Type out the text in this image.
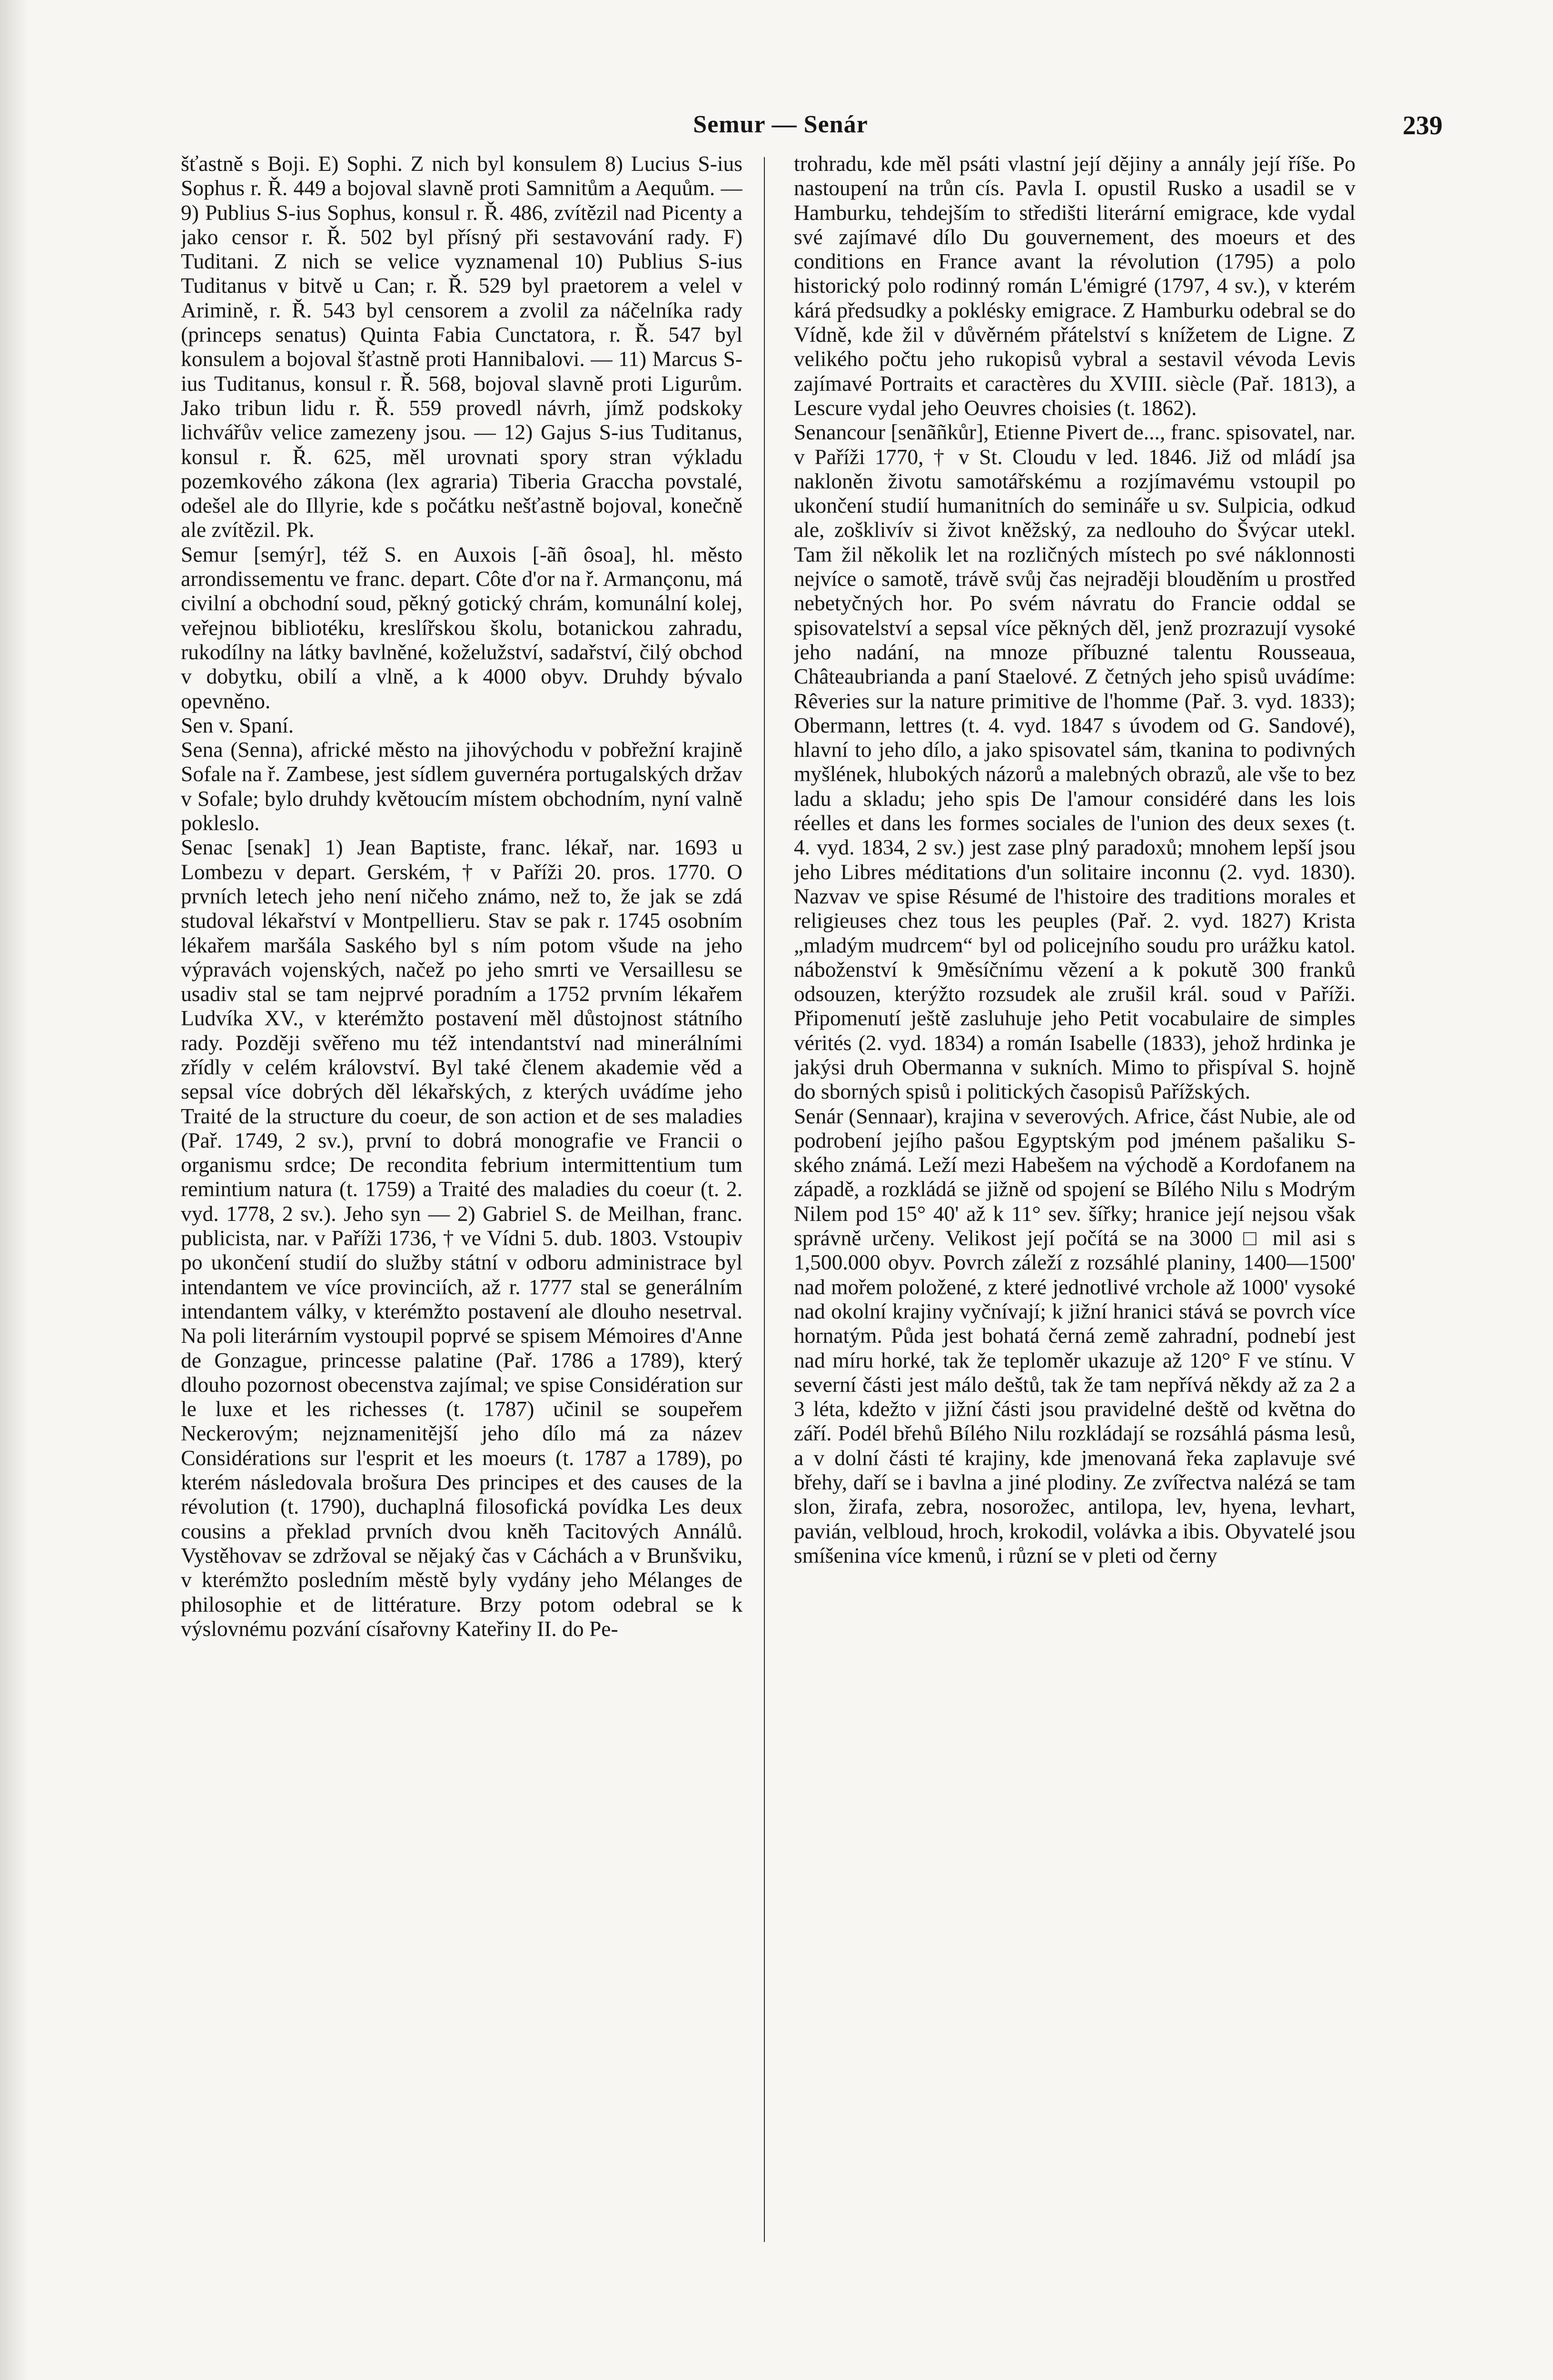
Semur — Senár	239
šťastně s Boji. E) Sophi. Z nich byl konsulem 8) Lucius S-ius Sophus r. Ř. 449 a bojoval slavně proti Samnitům a Aequům. — 9) Publius S-ius Sophus, konsul r. Ř. 486, zvítězil nad Picenty a jako censor r. Ř. 502 byl přísný při sestavování rady. F) Tuditani. Z nich se velice vyznamenal 10) Publius S-ius Tuditanus v bitvě u Can; r. Ř. 529 byl praetorem a velel v Arimině, r. Ř. 543 byl censorem a zvolil za náčelníka rady (princeps senatus) Quinta Fabia Cunctatora, r. Ř. 547 byl konsulem a bojoval šťastně proti Hannibalovi. — 11) Marcus S-ius Tuditanus, konsul r. Ř. 568, bojoval slavně proti Ligurům. Jako tribun lidu r. Ř. 559 provedl návrh, jímž podskoky lichvářův velice zamezeny jsou. — 12) Gajus S-ius Tuditanus, konsul r. Ř. 625, měl urovnati spory stran výkladu pozemkového zákona (lex agraria) Tiberia Gracchа povstalé, odešel ale do Illyrie, kde s počátku nešťastně bojoval, konečně ale zvítězil. Pk.
Semur [semýr], též S. en Auxois [-ãñ ôsoa], hl. město arrondissementu ve franc. depart. Côte d'or na ř. Armançonu, má civilní a obchodní soud, pěkný gotický chrám, komunální kolej, veřejnou bibliotéku, kreslířskou školu, botanickou zahradu, rukodílny na látky bavlněné, koželužství, sadařství, čilý obchod v dobytku, obilí a vlně, a k 4000 obyv. Druhdy bývalo opevněno.
Sen v. Spaní.
Sena (Senna), africké město na jihovýchodu v pobřežní krajině Sofale na ř. Zambese, jest sídlem guvernéra portugalských držav v Sofale; bylo druhdy květoucím místem obchodním, nyní valně pokleslo.
Senac [senak] 1) Jean Baptiste, franc. lékař, nar. 1693 u Lombezu v depart. Gerském, † v Paříži 20. pros. 1770. O prvních letech jeho není ničeho známo, než to, že jak se zdá studoval lékařství v Montpellieru. Stav se pak r. 1745 osobním lékařem maršála Saského byl s ním potom všude na jeho výpravách vojenských, načež po jeho smrti ve Versaillesu se usadiv stal se tam nejprvé poradním a 1752 prvním lékařem Ludvíka XV., v kterémžto postavení měl důstojnost státního rady. Později svěřeno mu též intendantství nad minerálními zřídly v celém království. Byl také členem akademie věd a sepsal více dobrých děl lékařských, z kterých uvádíme jeho Traité de la structure du coeur, de son action et de ses maladies (Pař. 1749, 2 sv.), první to dobrá monografie ve Francii o organismu srdce; De recondita febrium intermittentium tum remintium natura (t. 1759) a Traité des maladies du coeur (t. 2. vyd. 1778, 2 sv.). Jeho syn — 2) Gabriel S. de Meilhan, franc. publicista, nar. v Paříži 1736, † ve Vídni 5. dub. 1803. Vstoupiv po ukončení studií do služby státní v odboru administrace byl intendantem ve více provinciích, až r. 1777 stal se generálním intendantem války, v kterémžto postavení ale dlouho nesetrval. Na poli literárním vystoupil poprvé se spisem Mémoires d'Anne de Gonzague, princesse palatine (Pař. 1786 a 1789), který dlouho pozornost obecenstva zajímal; ve spise Considération sur le luxe et les richesses (t. 1787) učinil se soupeřem Neckerovým; nejznamenitější jeho dílo má za název Considérations sur l'esprit et les moeurs (t. 1787 a 1789), po kterém následovala brošura Des principes et des causes de la révolution (t. 1790), duchaplná filosofická povídka Les deux cousins a překlad prvních dvou kněh Tacitových Annálů. Vystěhovav se zdržoval se nějaký čas v Cáchách a v Brunšviku, v kterémžto posledním městě byly vydány jeho Mélanges de philosophie et de littérature. Brzy potom odebral se k výslovnému pozvání císařovny Kateřiny II. do Pe-
trohradu, kde měl psáti vlastní její dějiny a annály její říše. Po nastoupení na trůn cís. Pavla I. opustil Rusko a usadil se v Hamburku, tehdejším to středišti literární emigrace, kde vydal své zajímavé dílo Du gouvernement, des moeurs et des conditions en France avant la révolution (1795) a polo historický polo rodinný román L'émigré (1797, 4 sv.), v kterém kárá předsudky a poklésky emigrace. Z Hamburku odebral se do Vídně, kde žil v důvěrném přátelství s knížetem de Ligne. Z velikého počtu jeho rukopisů vybral a sestavil vévoda Levis zajímavé Portraits et caractères du XVIII. siècle (Pař. 1813), a Lescure vydal jeho Oeuvres choisies (t. 1862).
Senancour [senãñkůr], Etienne Pivert de..., franc. spisovatel, nar. v Paříži 1770, † v St. Cloudu v led. 1846. Již od mládí jsa nakloněn životu samotářskému a rozjímavému vstoupil po ukončení studií humanitních do semináře u sv. Sulpicia, odkud ale, zošklivív si život kněžský, za nedlouho do Švýcar utekl. Tam žil několik let na rozličných místech po své náklonnosti nejvíce o samotě, trávě svůj čas nejraději blouděním u prostřed nebetyčných hor. Po svém návratu do Francie oddal se spisovatelství a sepsal více pěkných děl, jenž prozrazují vysoké jeho nadání, na mnoze příbuzné talentu Rousseaua, Châteaubrianda a paní Staelové. Z četných jeho spisů uvádíme: Rêveries sur la nature primitive de l'homme (Pař. 3. vyd. 1833); Obermann, lettres (t. 4. vyd. 1847 s úvodem od G. Sandové), hlavní to jeho dílo, a jako spisovatel sám, tkanina to podivných myšlének, hlubokých názorů a malebných obrazů, ale vše to bez ladu a skladu; jeho spis De l'amour considéré dans les lois réelles et dans les formes sociales de l'union des deux sexes (t. 4. vyd. 1834, 2 sv.) jest zase plný paradoxů; mnohem lepší jsou jeho Libres méditations d'un solitaire inconnu (2. vyd. 1830). Nazvav ve spise Résumé de l'histoire des traditions morales et religieuses chez tous les peuples (Pař. 2. vyd. 1827) Krista „mladým mudrcem“ byl od policejního soudu pro urážku katol. náboženství k 9měsíčnímu vězení a k pokutě 300 franků odsouzen, kterýžto rozsudek ale zrušil král. soud v Paříži. Připomenutí ještě zasluhuje jeho Petit vocabulaire de simples vérités (2. vyd. 1834) a román Isabelle (1833), jehož hrdinka je jakýsi druh Obermanna v sukních. Mimo to přispíval S. hojně do sborných spisů i politických časopisů Pařížských.
Senár (Sennaar), krajina v severových. Africe, část Nubie, ale od podrobení jejího pašou Egyptským pod jménem pašaliku S-ského známá. Leží mezi Habešem na východě a Kordofanem na západě, a rozkládá se jižně od spojení se Bílého Nilu s Modrým Nilem pod 15° 40' až k 11° sev. šířky; hranice její nejsou však správně určeny. Velikost její počítá se na 3000 □ mil asi s 1,500.000 obyv. Povrch záleží z rozsáhlé planiny, 1400—1500' nad mořem položené, z které jednotlivé vrchole až 1000' vysoké nad okolní krajiny vyčnívají; k jižní hranici stává se povrch více hornatým. Půda jest bohatá černá země zahradní, podnebí jest nad míru horké, tak že teploměr ukazuje až 120° F ve stínu. V severní části jest málo deštů, tak že tam nepřívá někdy až za 2 a 3 léta, kdežto v jižní části jsou pravidelné deště od května do září. Podél břehů Bílého Nilu rozkládají se rozsáhlá pásma lesů, a v dolní části té krajiny, kde jmenovaná řeka zaplavuje své břehy, daří se i bavlna a jiné plodiny. Ze zvířectva nalézá se tam slon, žirafa, zebra, nosorožec, antilopa, lev, hyena, levhart, pavián, velbloud, hroch, krokodil, volávka a ibis. Obyvatelé jsou smíšenina více kmenů, i různí se v pleti od černy
